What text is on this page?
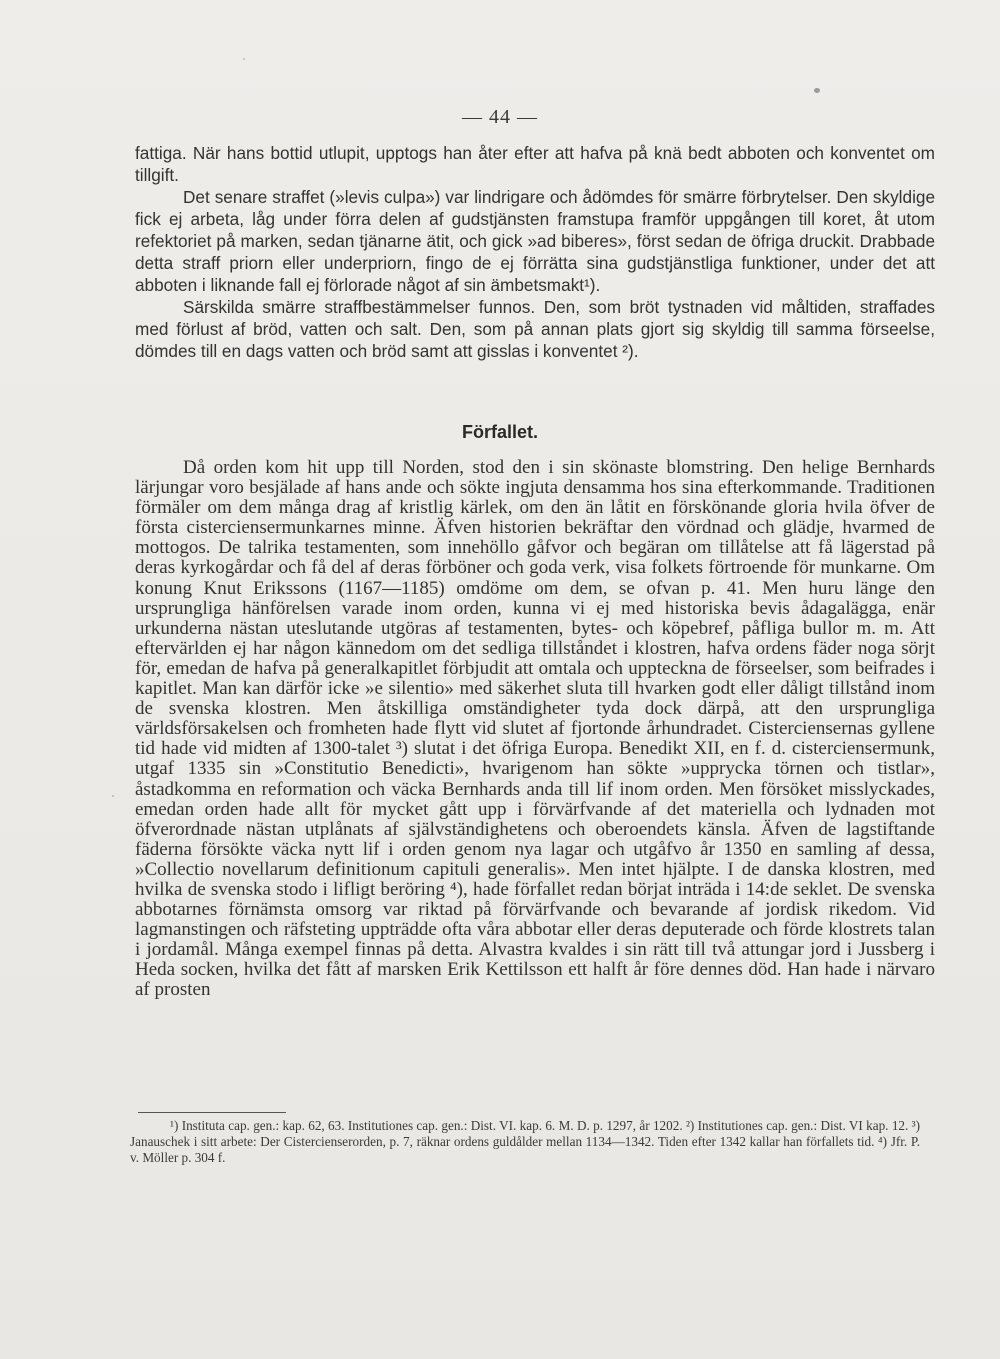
— 44 —

fattiga. När hans bottid utlupit, upptogs han åter efter att hafva på knä bedt abboten och konventet om tillgift.

Det senare straffet (»levis culpa») var lindrigare och ådömdes för smärre förbrytelser. Den skyldige fick ej arbeta, låg under förra delen af gudstjänsten framstupa framför uppgången till koret, åt utom refektoriet på marken, sedan tjänarne ätit, och gick »ad biberes», först sedan de öfriga druckit. Drabbade detta straff priorn eller underpriorn, fingo de ej förrätta sina gudstjänstliga funktioner, under det att abboten i liknande fall ej förlorade något af sin ämbetsmakt¹).

Särskilda smärre straffbestämmelser funnos. Den, som bröt tystnaden vid måltiden, straffades med förlust af bröd, vatten och salt. Den, som på annan plats gjort sig skyldig till samma förseelse, dömdes till en dags vatten och bröd samt att gisslas i konventet ²).

Förfallet.

Då orden kom hit upp till Norden, stod den i sin skönaste blomstring. Den helige Bernhards lärjungar voro besjälade af hans ande och sökte ingjuta densamma hos sina efterkommande. Traditionen förmäler om dem många drag af kristlig kärlek, om den än låtit en förskönande gloria hvila öfver de första cisterciensermunkarnes minne. Äfven historien bekräftar den vördnad och glädje, hvarmed de mottogos. De talrika testamenten, som innehöllo gåfvor och begäran om tillåtelse att få lägerstad på deras kyrkogårdar och få del af deras förböner och goda verk, visa folkets förtroende för munkarne. Om konung Knut Erikssons (1167—1185) omdöme om dem, se ofvan p. 41. Men huru länge den ursprungliga hänförelsen varade inom orden, kunna vi ej med historiska bevis ådagalägga, enär urkunderna nästan uteslutande utgöras af testamenten, bytes- och köpebref, påfliga bullor m. m. Att eftervärlden ej har någon kännedom om det sedliga tillståndet i klostren, hafva ordens fäder noga sörjt för, emedan de hafva på generalkapitlet förbjudit att omtala och uppteckna de förseelser, som beifrades i kapitlet. Man kan därför icke »e silentio» med säkerhet sluta till hvarken godt eller dåligt tillstånd inom de svenska klostren. Men åtskilliga omständigheter tyda dock därpå, att den ursprungliga världsförsakelsen och fromheten hade flytt vid slutet af fjortonde århundradet. Cisterciensernas gyllene tid hade vid midten af 1300-talet ³) slutat i det öfriga Europa. Benedikt XII, en f. d. cisterciensermunk, utgaf 1335 sin »Constitutio Benedicti», hvarigenom han sökte »upprycka törnen och tistlar», åstadkomma en reformation och väcka Bernhards anda till lif inom orden. Men försöket misslyckades, emedan orden hade allt för mycket gått upp i förvärfvande af det materiella och lydnaden mot öfverordnade nästan utplånats af självständighetens och oberoendets känsla. Äfven de lagstiftande fäderna försökte väcka nytt lif i orden genom nya lagar och utgåfvo år 1350 en samling af dessa, »Collectio novellarum definitionum capituli generalis». Men intet hjälpte. I de danska klostren, med hvilka de svenska stodo i lifligt beröring ⁴), hade förfallet redan börjat inträda i 14:de seklet. De svenska abbotarnes förnämsta omsorg var riktad på förvärfvande och bevarande af jordisk rikedom. Vid lagmanstingen och räfsteting uppträdde ofta våra abbotar eller deras deputerade och förde klostrets talan i jordamål. Många exempel finnas på detta. Alvastra kvaldes i sin rätt till två attungar jord i Jussberg i Heda socken, hvilka det fått af marsken Erik Kettilsson ett halft år före dennes död. Han hade i närvaro af prosten

¹) Instituta cap. gen.: kap. 62, 63. Institutiones cap. gen.: Dist. VI. kap. 6. M. D. p. 1297, år 1202. ²) Institutiones cap. gen.: Dist. VI kap. 12. ³) Janauschek i sitt arbete: Der Cistercienserorden, p. 7, räknar ordens guldålder mellan 1134—1342. Tiden efter 1342 kallar han förfallets tid. ⁴) Jfr. P. v. Möller p. 304 f.
